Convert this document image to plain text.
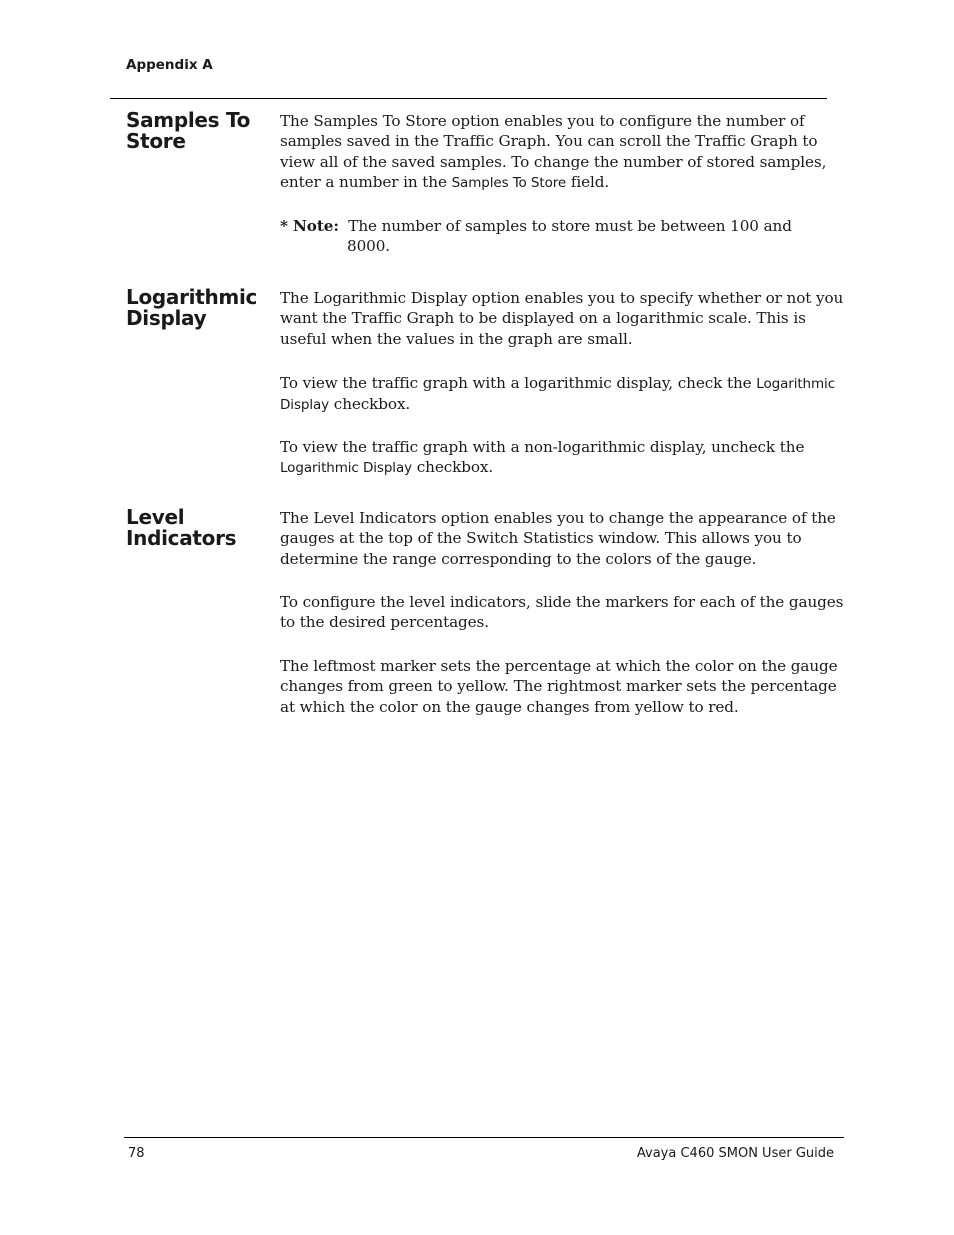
Appendix A
Samples To
Store

The Samples To Store option enables you to configure the number of samples saved in the Traffic Graph. You can scroll the Traffic Graph to view all of the saved samples. To change the number of stored samples, enter a number in the Samples To Store field.

* Note: The number of samples to store must be between 100 and
8000.
Logarithmic
Display

The Logarithmic Display option enables you to specify whether or not you want the Traffic Graph to be displayed on a logarithmic scale. This is useful when the values in the graph are small.

To view the traffic graph with a logarithmic display, check the Logarithmic Display checkbox.

To view the traffic graph with a non-logarithmic display, uncheck the Logarithmic Display checkbox.

Level
Indicators

The Level Indicators option enables you to change the appearance of the gauges at the top of the Switch Statistics window. This allows you to determine the range corresponding to the colors of the gauge.

To configure the level indicators, slide the markers for each of the gauges to the desired percentages.

The leftmost marker sets the percentage at which the color on the gauge changes from green to yellow. The rightmost marker sets the percentage at which the color on the gauge changes from yellow to red.

78	Avaya C460 SMON User Guide
